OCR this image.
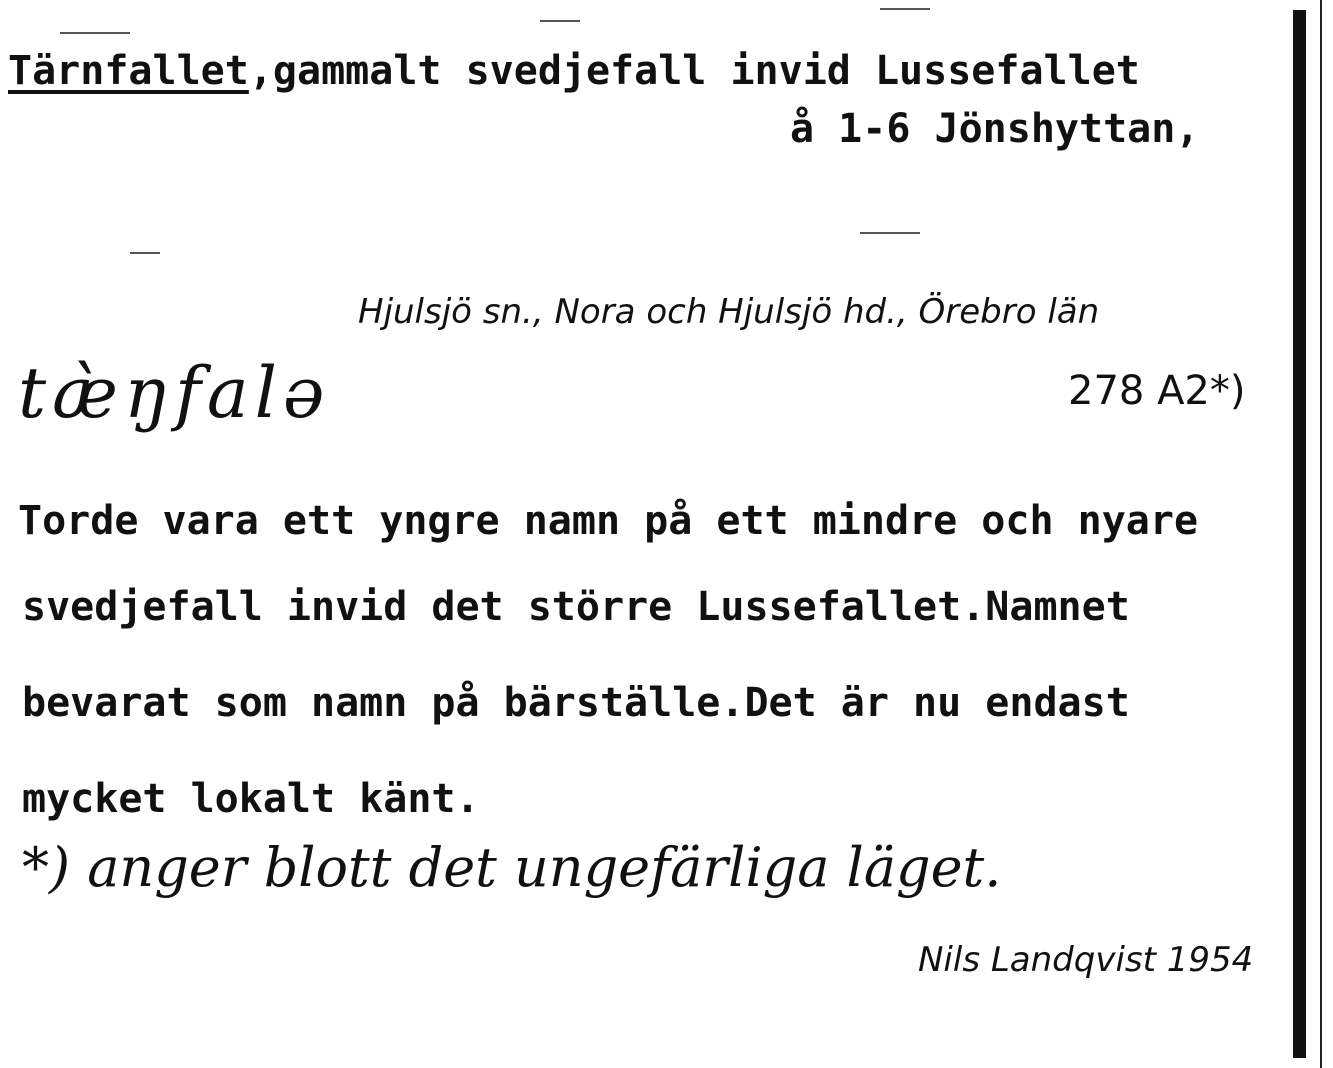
Tärnfallet,gammalt svedjefall invid Lussefallet
å 1-6 Jönshyttan,
Hjulsjö sn., Nora och Hjulsjö hd., Örebro län
tæ̀ŋfalə	278 A2*)
Torde vara ett yngre namn på ett mindre och nyare
svedjefall invid det större Lussefallet.Namnet
bevarat som namn på bärställe.Det är nu endast
mycket lokalt känt.
*) anger blott det ungefärliga läget.
Nils Landqvist 1954
